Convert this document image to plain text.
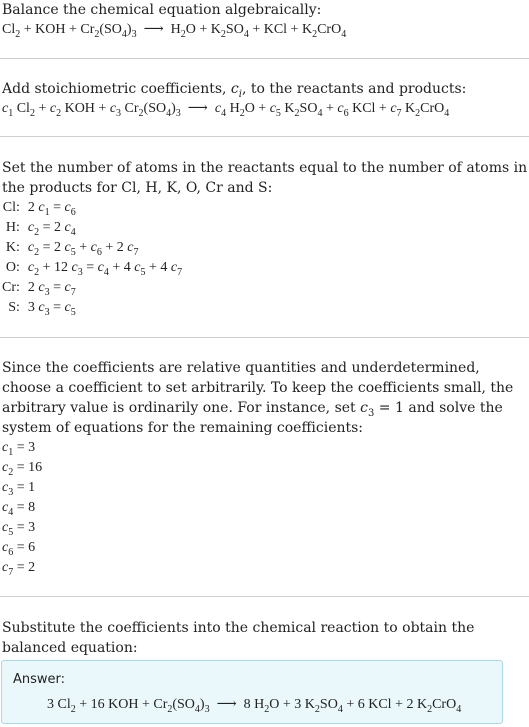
Balance the chemical equation algebraically:

$Cl_2$ + KOH + $Cr_2(SO_4)_3$  ⟶  $H_2O + K_2SO_4$ + KCl + $K_2CrO_4$

Add stoichiometric coefficients, $c_i$, to the reactants and products:

$c_1$ $Cl_2 + c_2$ KOH + $c_3$ $Cr_2(SO_4)_3$  ⟶  $c_4$ $H_2O + c_5$ $K_2SO_4 + c_6$ KCl + $c_7$ $K_2CrO_4$

Set the number of atoms in the reactants equal to the number of atoms in the products for Cl, H, K, O, Cr and S:

Cl:	2 $c_1 = c_6$
H:	$c_2 = 2$ $c_4$
K:	$c_2 = 2$ $c_5 + c_6 + 2$ $c_7$
O:	$c_2 + 12$ $c_3 = c_4 + 4$ $c_5 + 4$ $c_7$
Cr:	2 $c_3 = c_7$
S:	3 $c_3 = c_5$

Since the coefficients are relative quantities and underdetermined, choose a coefficient to set arbitrarily. To keep the coefficients small, the arbitrary value is ordinarily one. For instance, set $c_3 = 1$ and solve the system of equations for the remaining coefficients:

$c_1 = 3$
$c_2 = 16$
$c_3 = 1$
$c_4 = 8$
$c_5 = 3$
$c_6 = 6$
$c_7 = 2$

Substitute the coefficients into the chemical reaction to obtain the balanced equation:

Answer:
3 $Cl_2 + 16$ KOH + $Cr_2(SO_4)_3$  ⟶  8 $H_2O + 3$ $K_2SO_4 + 6$ KCl + 2 $K_2CrO_4$
